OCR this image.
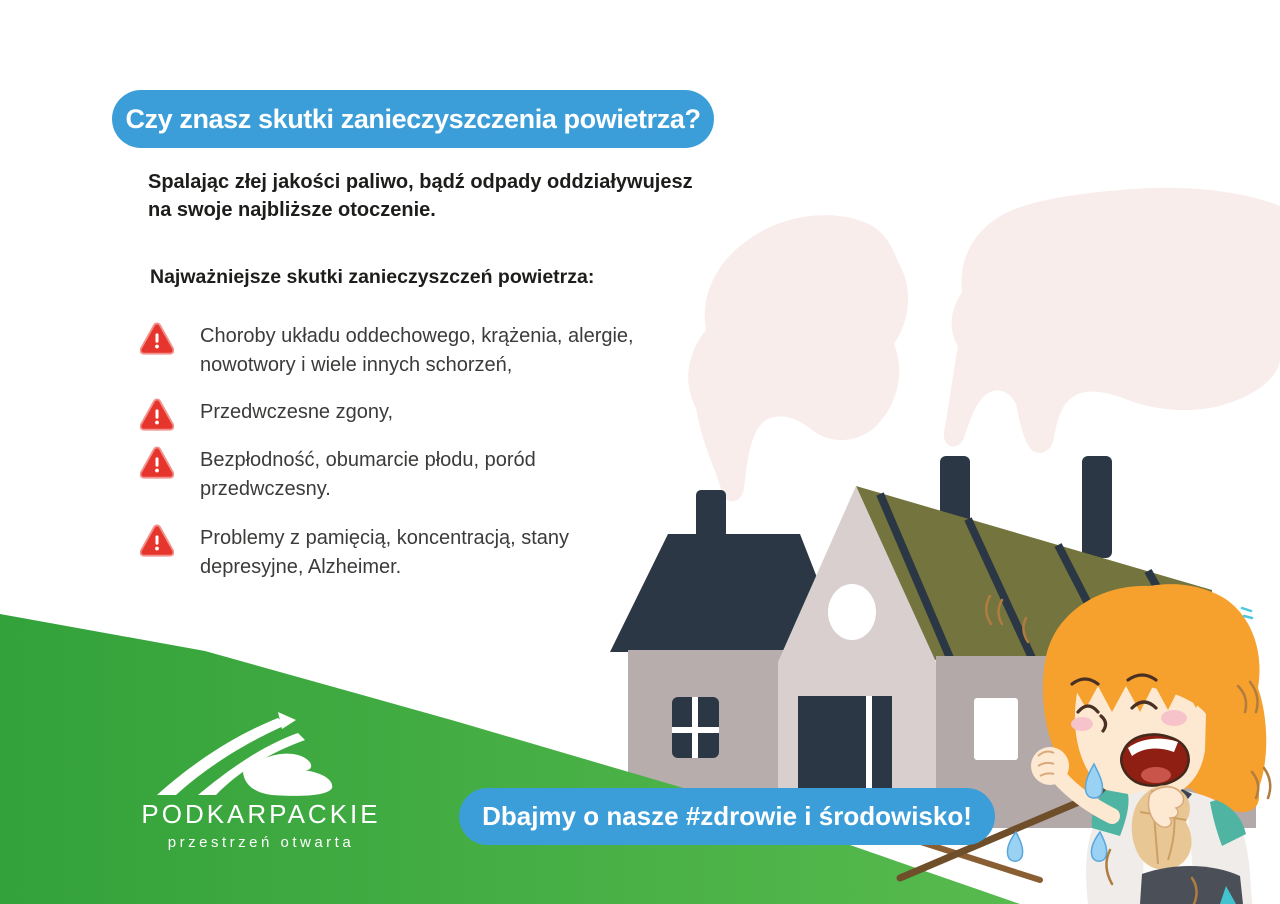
Czy znasz skutki zanieczyszczenia powietrza?
Spalając złej jakości paliwo, bądź odpady oddziaływujesz
na swoje najbliższe otoczenie.
Najważniejsze skutki zanieczyszczeń powietrza:
Choroby układu oddechowego, krążenia, alergie, nowotwory i wiele innych schorzeń,
Przedwczesne zgony,
Bezpłodność, obumarcie płodu, poród przedwczesny.
Problemy z pamięcią, koncentracją, stany depresyjne, Alzheimer.
PODKARPACKIE
przestrzeń otwarta
Dbajmy o nasze #zdrowie i środowisko!
